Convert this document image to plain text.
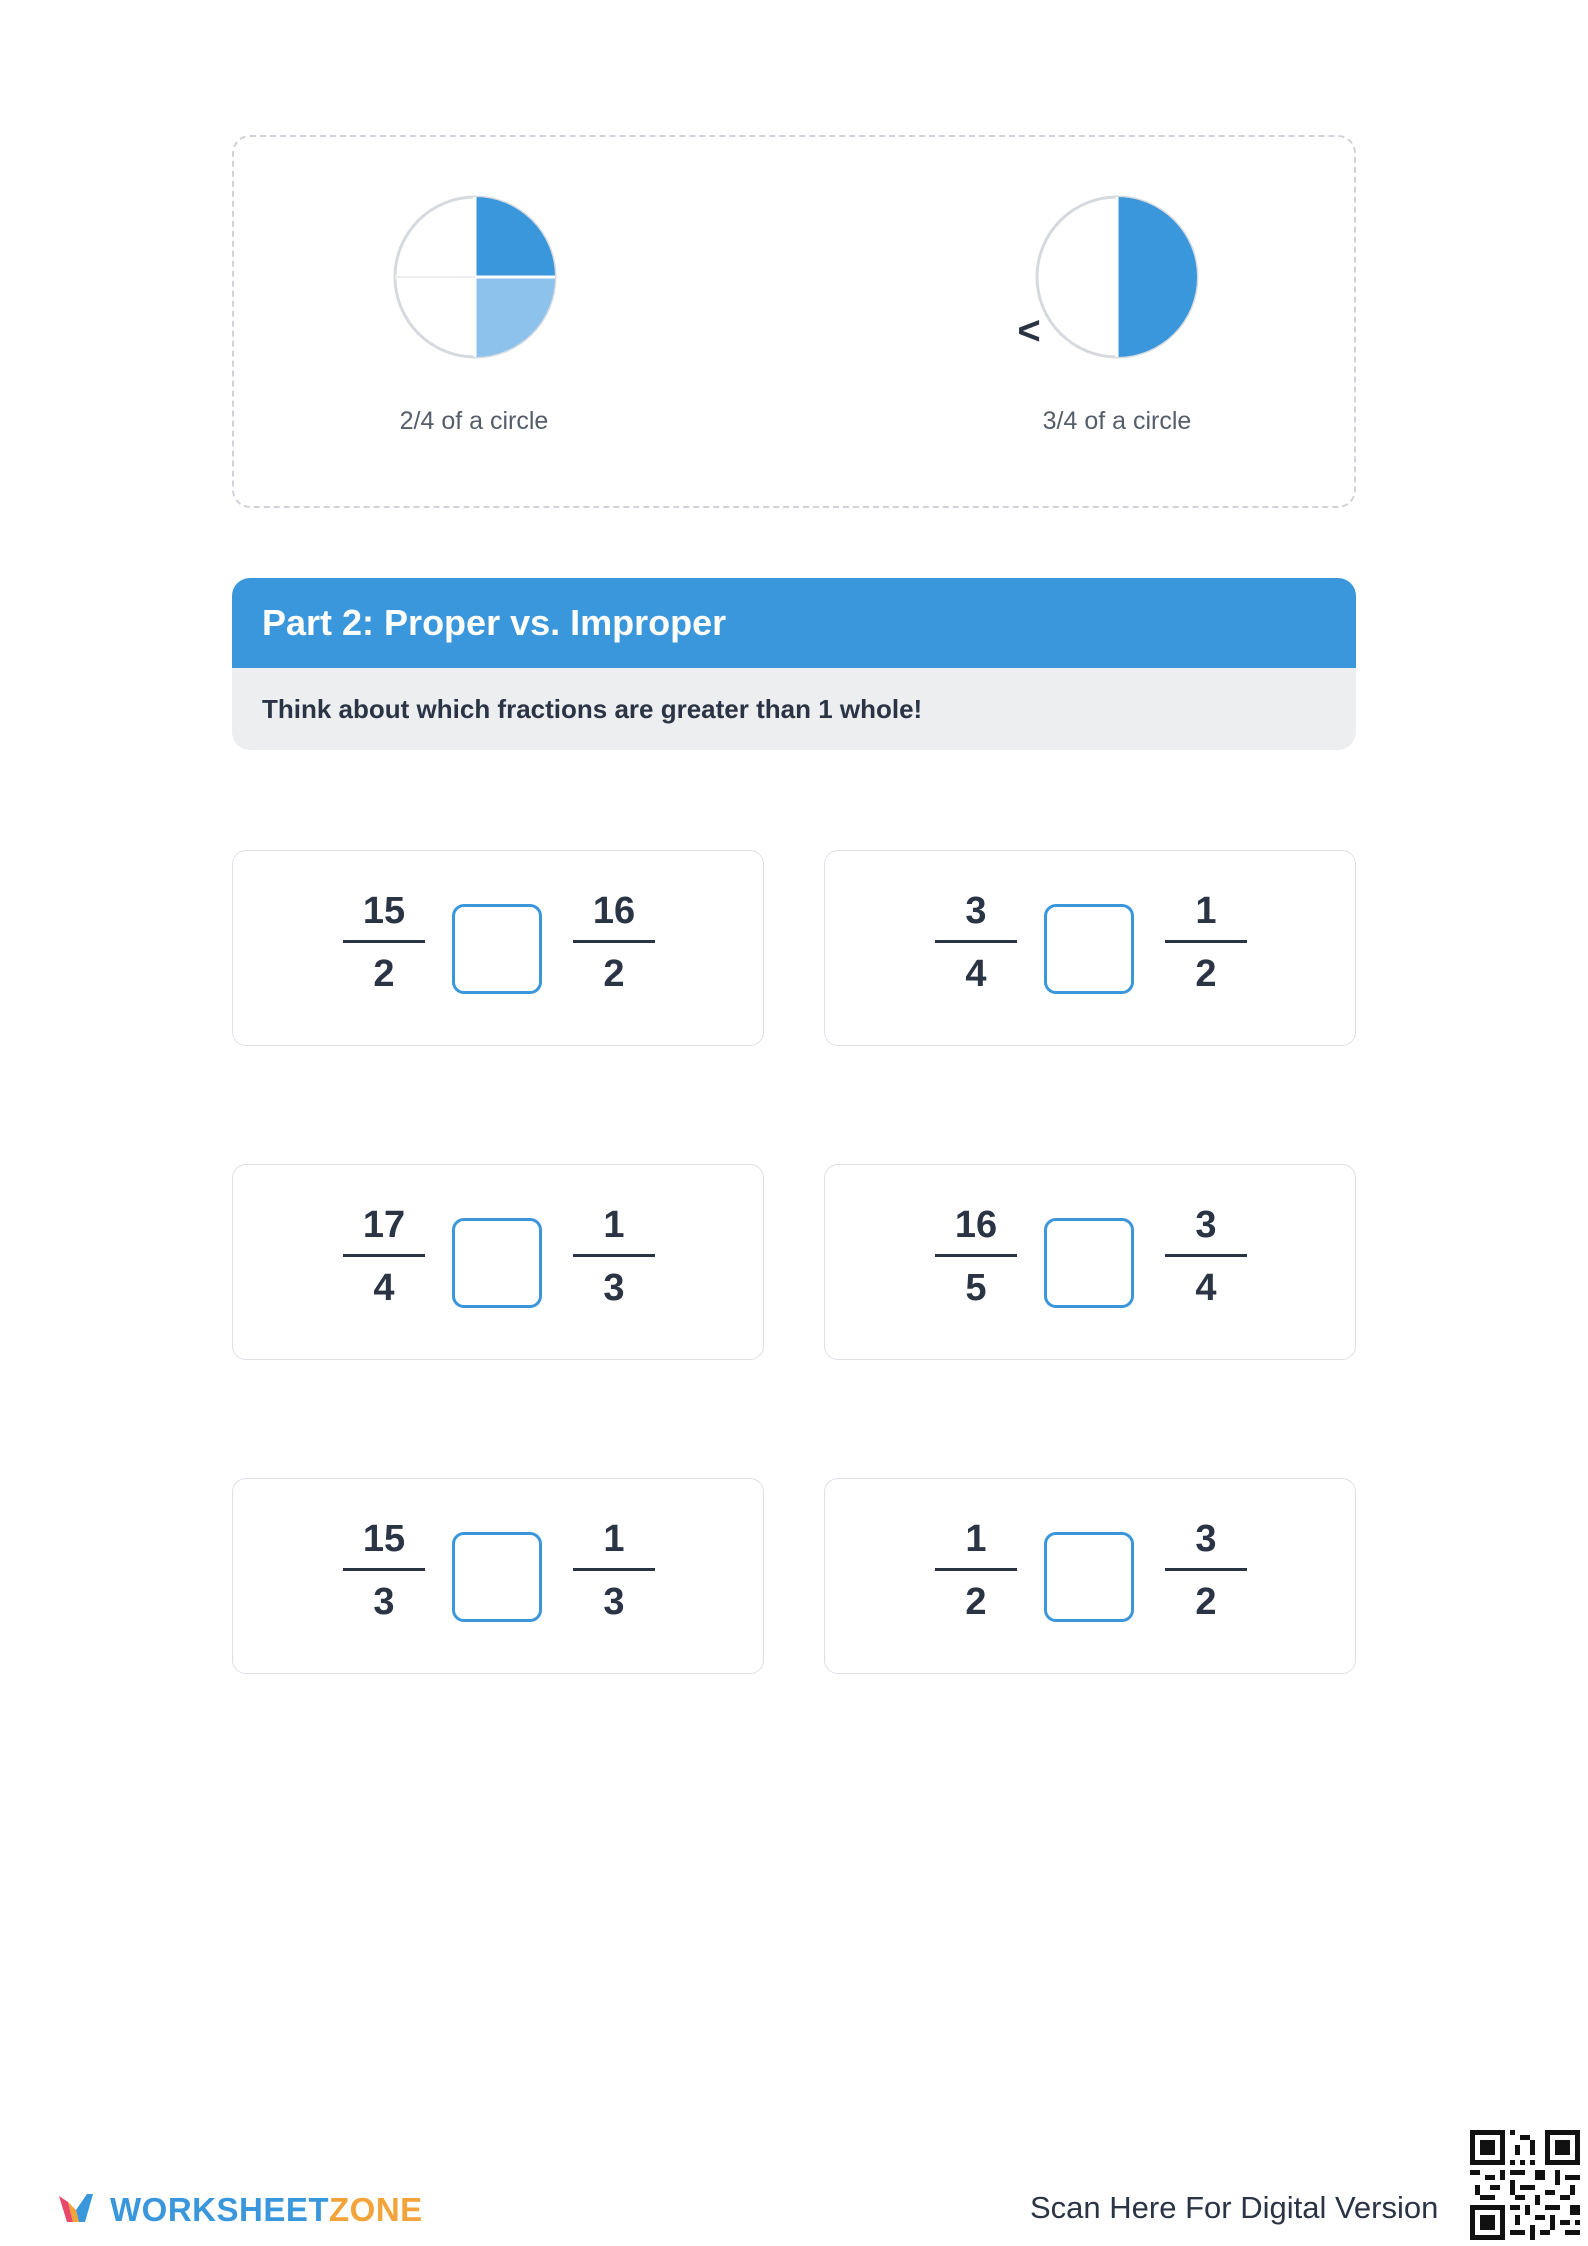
2/4 of a circle
<
3/4 of a circle
Part 2: Proper vs. Improper
Think about which fractions are greater than 1 whole!
15
2
16
2
3
4
1
2
17
4
1
3
16
5
3
4
15
3
1
3
1
2
3
2
WORKSHEETZONE	Scan Here For Digital Version
